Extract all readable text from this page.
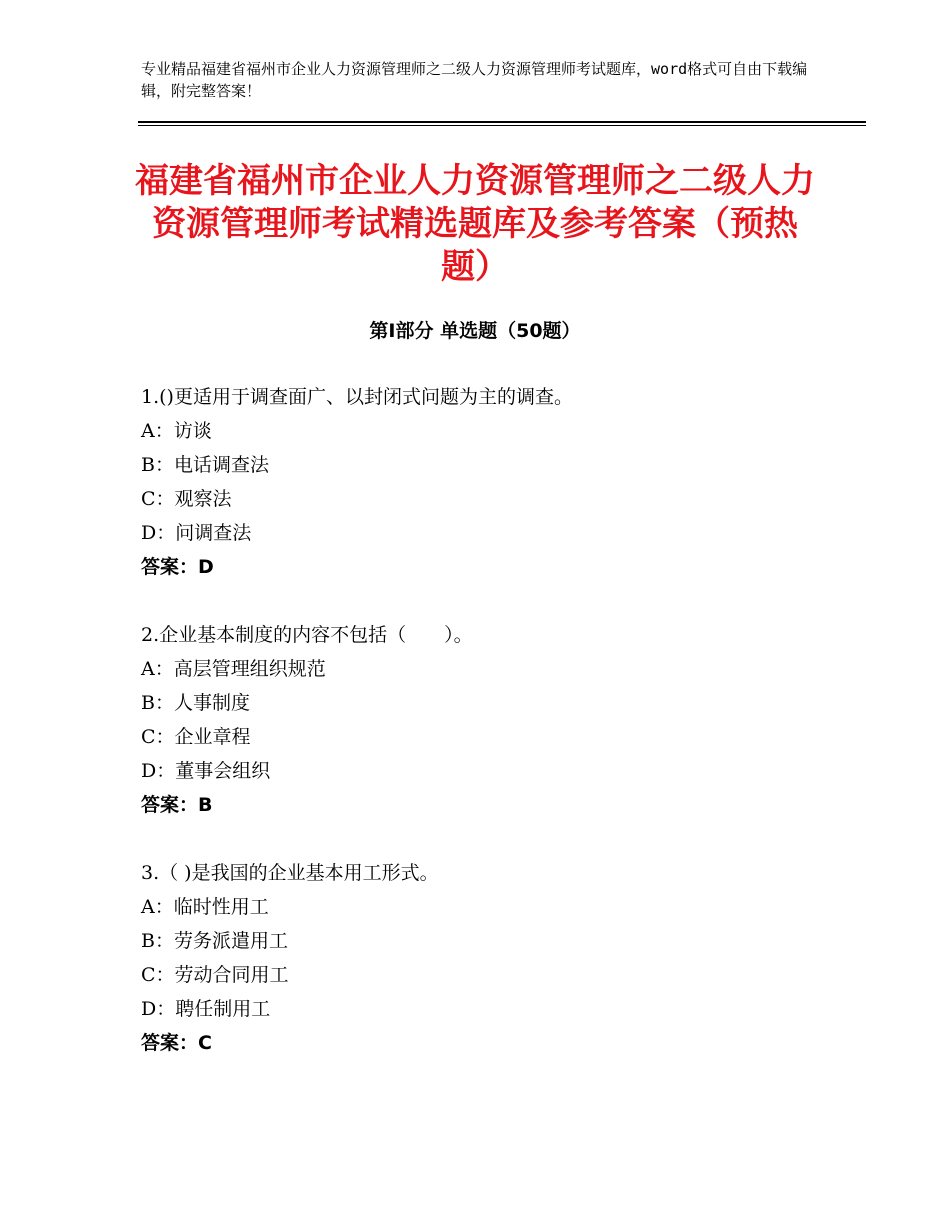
专业精品福建省福州市企业人力资源管理师之二级人力资源管理师考试题库，word格式可自由下载编辑，附完整答案！
福建省福州市企业人力资源管理师之二级人力资源管理师考试精选题库及参考答案（预热题）
第Ⅰ部分 单选题（50题）
1.()更适用于调查面广、以封闭式问题为主的调查。
A：访谈
B：电话调查法
C：观察法
D：问调查法
答案：D
2.企业基本制度的内容不包括（　　）。
A：高层管理组织规范
B：人事制度
C：企业章程
D：董事会组织
答案：B
3.（ )是我国的企业基本用工形式。
A：临时性用工
B：劳务派遣用工
C：劳动合同用工
D：聘任制用工
答案：C
